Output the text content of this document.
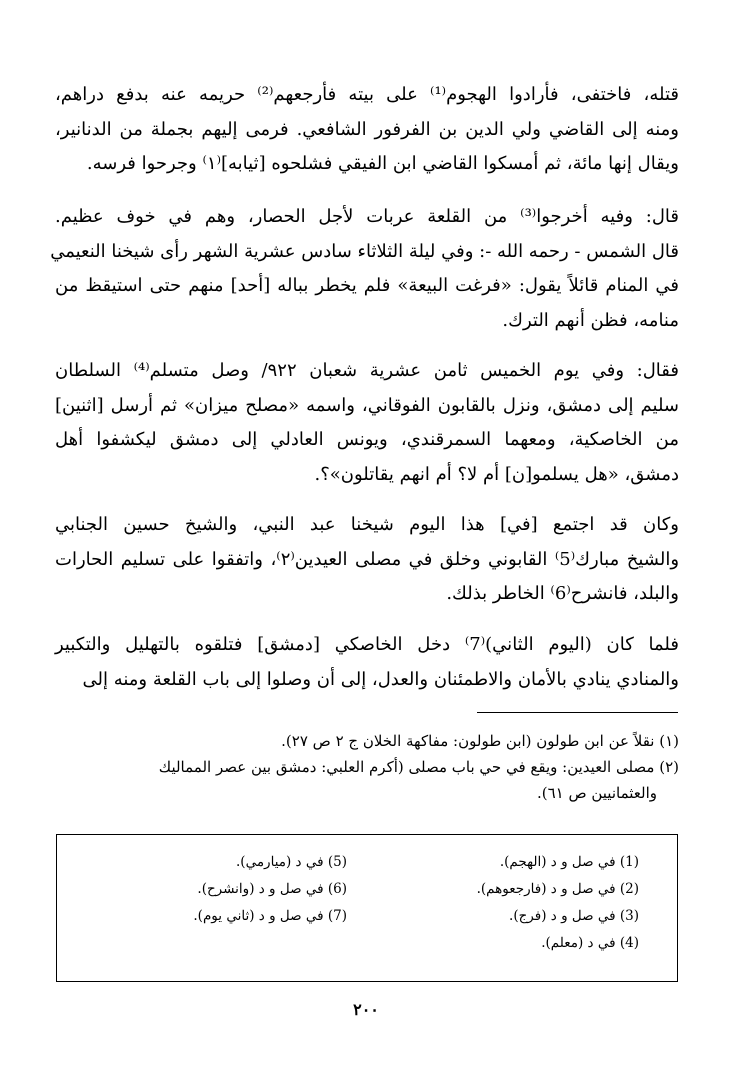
قتله، فاختفى، فأرادوا الهجوم⁽¹⁾ على بيته فأرجعهم⁽²⁾ حريمه عنه بدفع دراهم،
ومنه إلى القاضي ولي الدين بن الفرفور الشافعي. فرمى إليهم بجملة من الدنانير،
ويقال إنها مائة، ثم أمسكوا القاضي ابن الفيقي فشلحوه [ثيابه]⁽١⁾ وجرحوا فرسه.

قال: وفيه أخرجوا⁽³⁾ من القلعة عربات لأجل الحصار، وهم في خوف عظيم.
قال الشمس - رحمه الله -: وفي ليلة الثلاثاء سادس عشرية الشهر رأى شيخنا النعيمي
في المنام قائلاً يقول: «فرغت البيعة» فلم يخطر بباله [أحد] منهم حتى استيقظ من
منامه، فظن أنهم الترك.

فقال: وفي يوم الخميس ثامن عشرية شعبان ٩٢٢/ وصل متسلم⁽⁴⁾ السلطان
سليم إلى دمشق، ونزل بالقابون الفوقاني، واسمه «مصلح ميزان» ثم أرسل [اثنين]
من الخاصكية، ومعهما السمرقندي، ويونس العادلي إلى دمشق ليكشفوا أهل
دمشق، «هل يسلمو[ن] أم لا؟ أم انهم يقاتلون»؟.

وكان قد اجتمع [في] هذا اليوم شيخنا عبد النبي، والشيخ حسين الجنابي
والشيخ مبارك⁽5⁾ القابوني وخلق في مصلى العيدين⁽٢⁾، واتفقوا على تسليم الحارات
والبلد، فانشرح⁽6⁾ الخاطر بذلك.

فلما كان (اليوم الثاني)⁽7⁾ دخل الخاصكي [دمشق] فتلقوه بالتهليل والتكبير
والمنادي ينادي بالأمان والاطمئنان والعدل، إلى أن وصلوا إلى باب القلعة ومنه إلى

(١) نقلاً عن ابن طولون (ابن طولون: مفاكهة الخلان ج ٢ ص ٢٧).

(٢) مصلى العيدين: ويقع في حي باب مصلى (أكرم العلبي: دمشق بين عصر المماليك

والعثمانيين ص ٦١).

(1) في صل و د (الهجم).
(2) في صل و د (فارجعوهم).
(3) في صل و د (فرج).
(4) في د (معلم).
(5) في د (ميارمي).
(6) في صل و د (وانشرح).
(7) في صل و د (ثاني يوم).
٢٠٠
